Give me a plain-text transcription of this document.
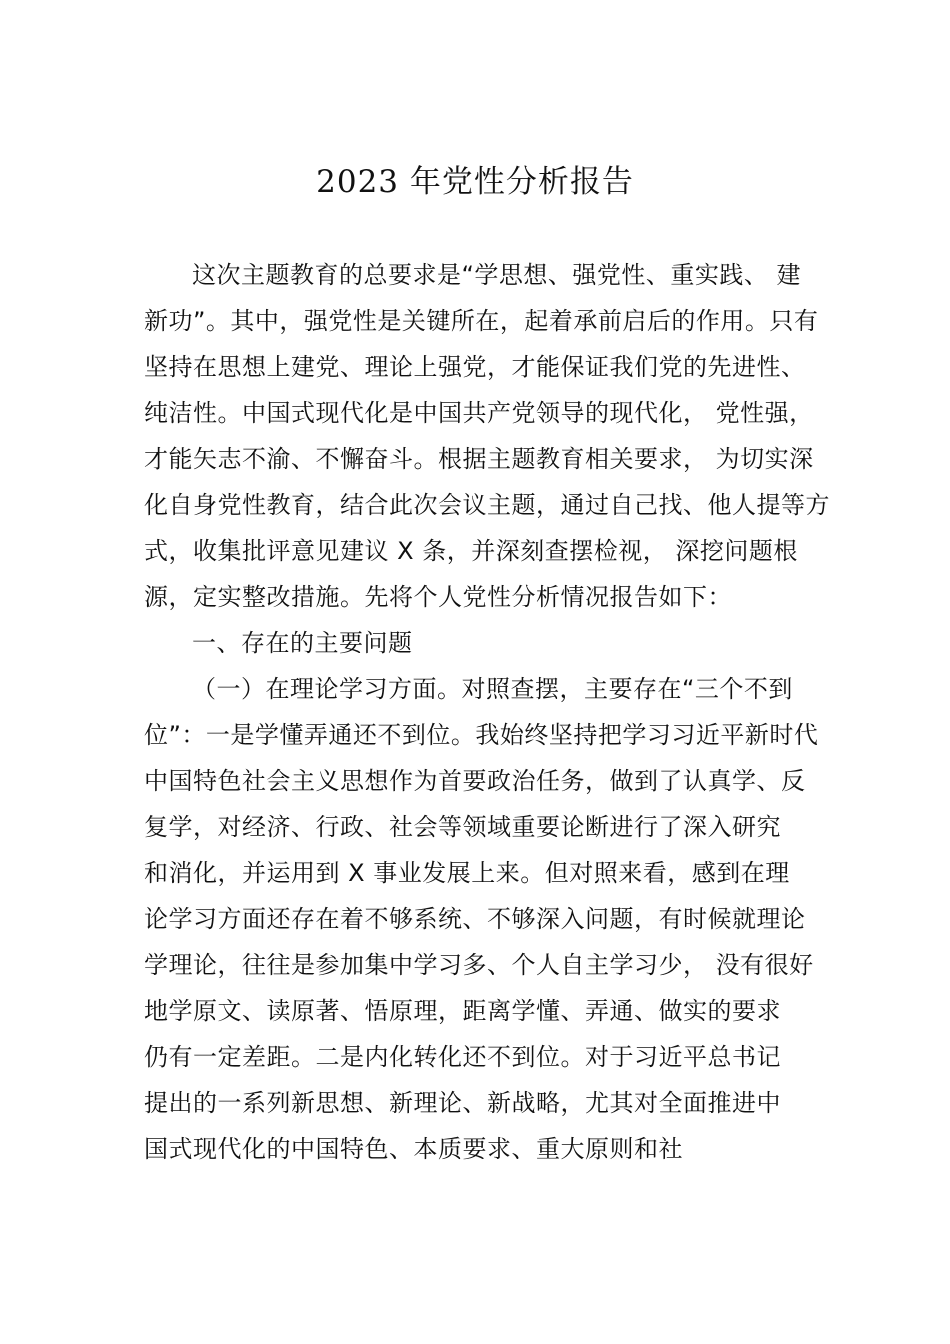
2023 年党性分析报告

这次主题教育的总要求是“学思想、强党性、重实践、 建

新功”。其中，强党性是关键所在，起着承前启后的作用。只有

坚持在思想上建党、理论上强党，才能保证我们党的先进性、

纯洁性。中国式现代化是中国共产党领导的现代化， 党性强，

才能矢志不渝、不懈奋斗。根据主题教育相关要求， 为切实深

化自身党性教育，结合此次会议主题，通过自己找、他人提等方

式，收集批评意见建议 X 条，并深刻查摆检视， 深挖问题根

源，定实整改措施。先将个人党性分析情况报告如下：

一、存在的主要问题

（一）在理论学习方面。对照查摆，主要存在“三个不到

位”：一是学懂弄通还不到位。我始终坚持把学习习近平新时代

中国特色社会主义思想作为首要政治任务，做到了认真学、反

复学，对经济、行政、社会等领域重要论断进行了深入研究

和消化，并运用到 X 事业发展上来。但对照来看，感到在理

论学习方面还存在着不够系统、不够深入问题，有时候就理论

学理论，往往是参加集中学习多、个人自主学习少， 没有很好

地学原文、读原著、悟原理，距离学懂、弄通、做实的要求

仍有一定差距。二是内化转化还不到位。对于习近平总书记

提出的一系列新思想、新理论、新战略，尤其对全面推进中

国式现代化的中国特色、本质要求、重大原则和社
